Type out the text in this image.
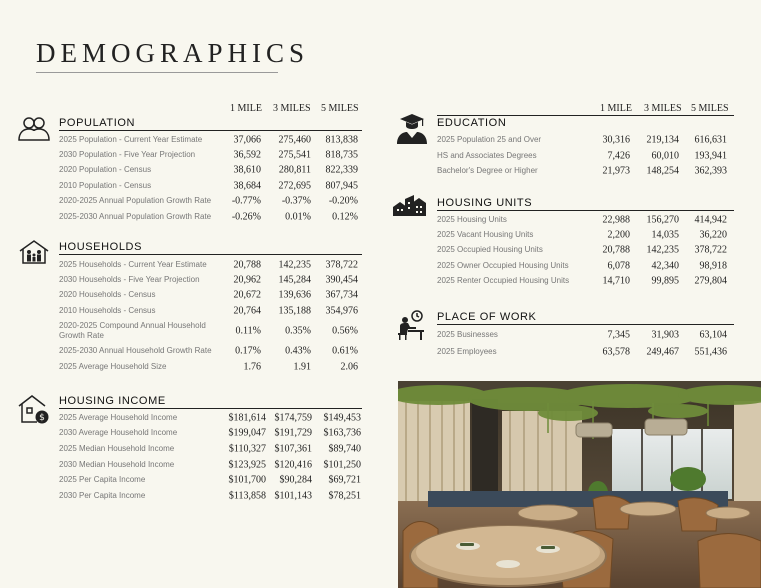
DEMOGRAPHICS
1 MILE 3 MILES 5 MILES	1 MILE 3 MILES 5 MILES
POPULATION
2025 Population - Current Year Estimate	37,066 275,460 813,838
2030 Population - Five Year Projection	36,592 275,541 818,735
2020 Population - Census	38,610 280,811 822,339
2010 Population - Census	38,684 272,695 807,945
2020-2025 Annual Population Growth Rate -0.77% -0.37% -0.20%
2025-2030 Annual Population Growth Rate -0.26% 0.01% 0.12%
HOUSEHOLDS
2025 Households - Current Year Estimate	20,788 142,235 378,722
2030 Households - Five Year Projection	20,962 145,284 390,454
2020 Households - Census	20,672 139,636 367,734
2010 Households - Census	20,764 135,188 354,976
2020-2025 Compound Annual Household Growth Rate	0.11% 0.35% 0.56%
2025-2030 Annual Household Growth Rate 0.17% 0.43% 0.61%
2025 Average Household Size	1.76	1.91	2.06
$
HOUSING INCOME
2025 Average Household Income	$181,614 $174,759 $149,453
2030 Average Household Income	$199,047 $191,729 $163,736
2025 Median Household Income	$110,327 $107,361 $89,740
2030 Median Household Income	$123,925 $120,416 $101,250
2025 Per Capita Income	$101,700 $90,284 $69,721
2030 Per Capita Income	$113,858 $101,143 $78,251
EDUCATION
2025 Population 25 and Over	30,316 219,134 616,631
HS and Associates Degrees	7,426 60,010 193,941
Bachelor's Degree or Higher	21,973 148,254 362,393
HOUSING UNITS
2025 Housing Units	22,988 156,270 414,942
2025 Vacant Housing Units	2,200 14,035 36,220
2025 Occupied Housing Units	20,788 142,235 378,722
2025 Owner Occupied Housing Units	6,078 42,340 98,918
2025 Renter Occupied Housing Units	14,710 99,895 279,804
PLACE OF WORK
2025 Businesses	7,345 31,903 63,104
2025 Employees	63,578 249,467 551,436
